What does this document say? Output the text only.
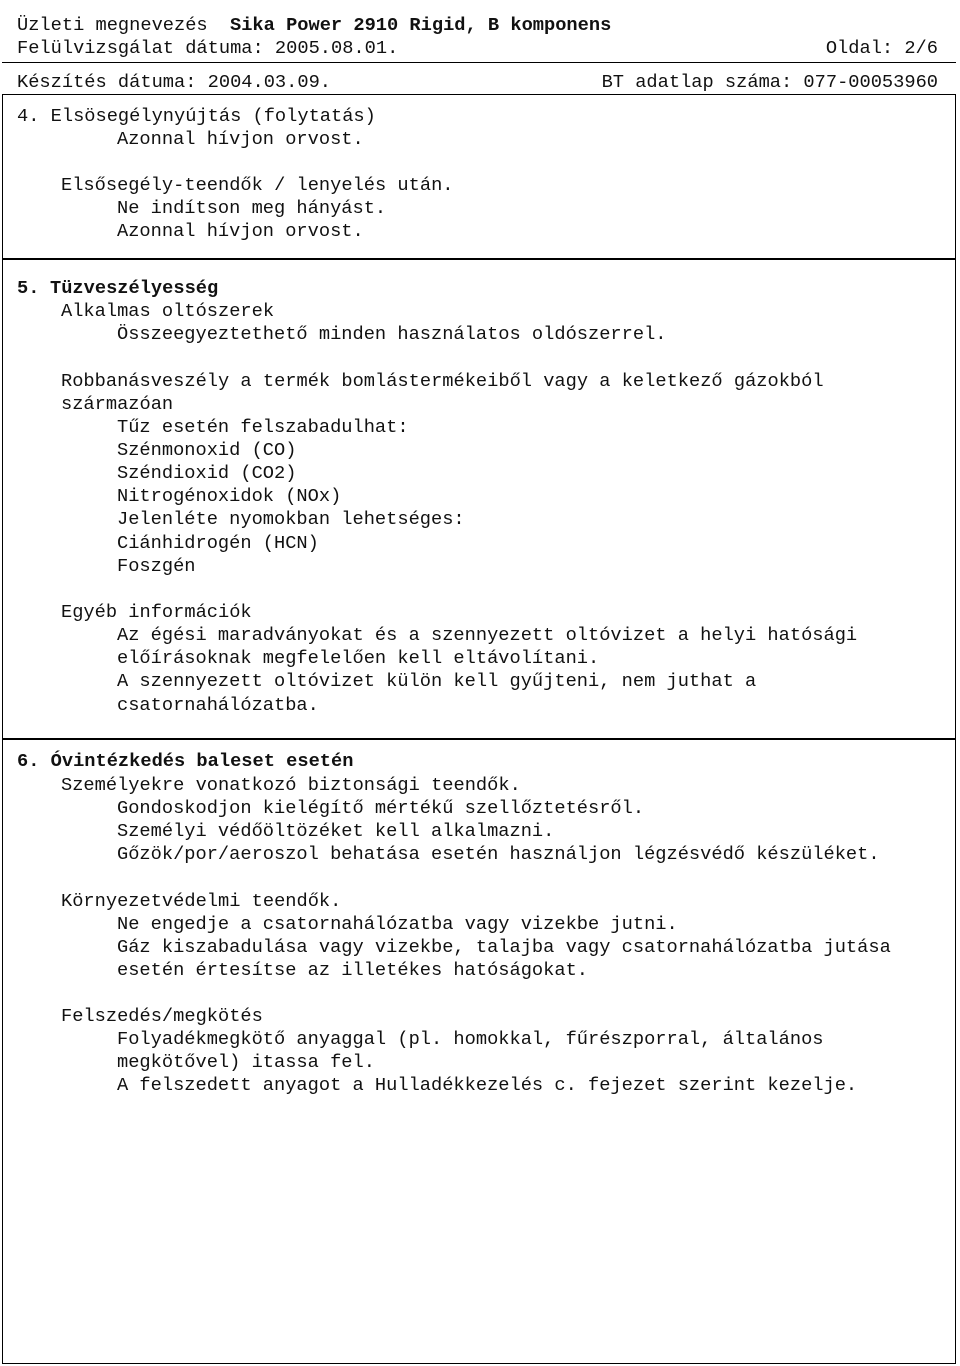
Üzleti megnevezés Sika Power 2910 Rigid, B komponens
Felülvizsgálat dátuma: 2005.08.01.	Oldal: 2/6
Készítés dátuma: 2004.03.09.	BT adatlap száma: 077-00053960
4. Elsösegélynyújtás (folytatás)
Azonnal hívjon orvost.
Elsősegély-teendők / lenyelés után.
Ne indítson meg hányást.
Azonnal hívjon orvost.
5. Tüzveszélyesség
Alkalmas oltószerek
Összeegyeztethető minden használatos oldószerrel.
Robbanásveszély a termék bomlástermékeiből vagy a keletkező gázokból
származóan
Tűz esetén felszabadulhat:
Szénmonoxid (CO)
Széndioxid (CO2)
Nitrogénoxidok (NOx)
Jelenléte nyomokban lehetséges:
Ciánhidrogén (HCN)
Foszgén
Egyéb információk
Az égési maradványokat és a szennyezett oltóvizet a helyi hatósági
előírásoknak megfelelően kell eltávolítani.
A szennyezett oltóvizet külön kell gyűjteni, nem juthat a
csatornahálózatba.
6. Óvintézkedés baleset esetén
Személyekre vonatkozó biztonsági teendők.
Gondoskodjon kielégítő mértékű szellőztetésről.
Személyi védőöltözéket kell alkalmazni.
Gőzök/por/aeroszol behatása esetén használjon légzésvédő készüléket.
Környezetvédelmi teendők.
Ne engedje a csatornahálózatba vagy vizekbe jutni.
Gáz kiszabadulása vagy vizekbe, talajba vagy csatornahálózatba jutása
esetén értesítse az illetékes hatóságokat.
Felszedés/megkötés
Folyadékmegkötő anyaggal (pl. homokkal, fűrészporral, általános
megkötővel) itassa fel.
A felszedett anyagot a Hulladékkezelés c. fejezet szerint kezelje.
